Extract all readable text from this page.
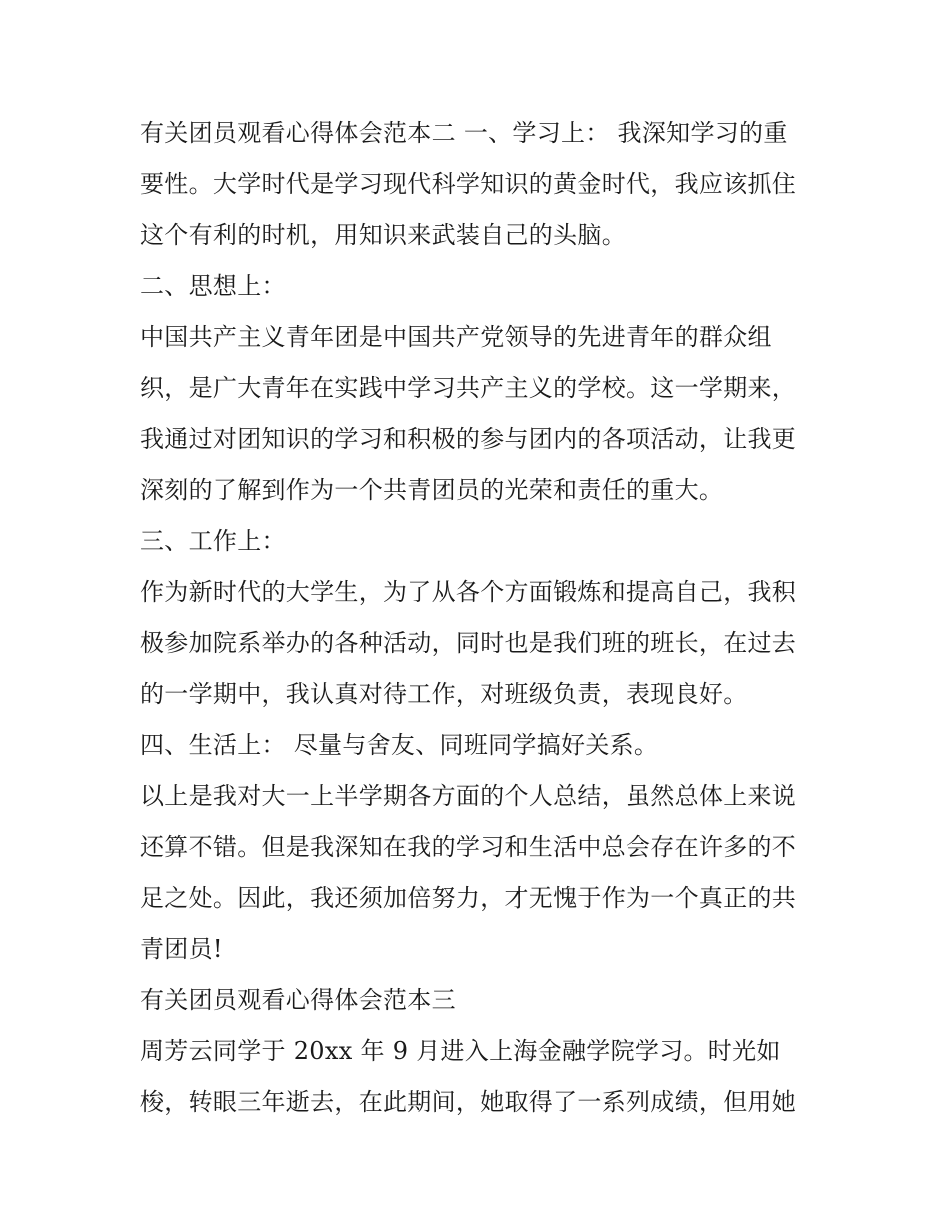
有关团员观看心得体会范本二 一、学习上： 我深知学习的重
要性。大学时代是学习现代科学知识的黄金时代，我应该抓住
这个有利的时机，用知识来武装自己的头脑。
二、思想上：
中国共产主义青年团是中国共产党领导的先进青年的群众组
织，是广大青年在实践中学习共产主义的学校。这一学期来，
我通过对团知识的学习和积极的参与团内的各项活动，让我更
深刻的了解到作为一个共青团员的光荣和责任的重大。
三、工作上：
作为新时代的大学生，为了从各个方面锻炼和提高自己，我积
极参加院系举办的各种活动，同时也是我们班的班长，在过去
的一学期中，我认真对待工作，对班级负责，表现良好。
四、生活上： 尽量与舍友、同班同学搞好关系。
以上是我对大一上半学期各方面的个人总结，虽然总体上来说
还算不错。但是我深知在我的学习和生活中总会存在许多的不
足之处。因此，我还须加倍努力，才无愧于作为一个真正的共
青团员!
有关团员观看心得体会范本三
周芳云同学于 20xx 年 9 月进入上海金融学院学习。时光如
梭，转眼三年逝去，在此期间，她取得了一系列成绩，但用她
